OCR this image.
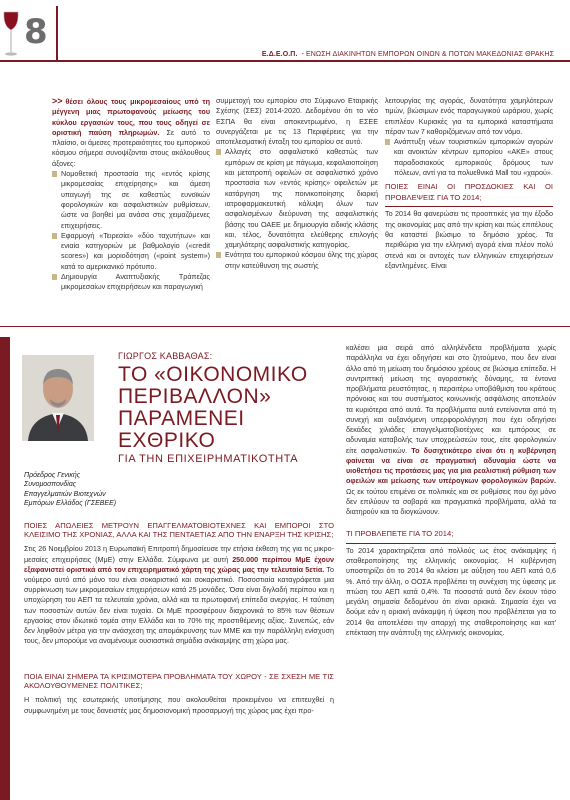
8
Ε.Δ.Ε.Ο.Π. - ΕΝΩΣΗ ΔΙΑΚΙΝΗΤΩΝ ΕΜΠΟΡΩΝ ΟΙΝΩΝ & ΠΟΤΩΝ ΜΑΚΕΔΟΝΙΑΣ ΘΡΑΚΗΣ

>> θέσει όλους τους μικρομεσαίους υπό τη μέγγενη μιας πρωτοφανούς μείωσης του κύκλου εργασιών τους, που τους οδηγεί σε οριστική παύση πληρωμών. Σε αυτό το πλαίσιο, οι άμεσες προτεραιότητες του εμπορικού κόσμου σήμερα συνοψίζονται στους ακόλουθους άξονες:

Νομοθετική προστασία της «εντός κρίσης μικρομεσαίας επιχείρησης» και άμεση υπαγωγή της σε καθεστώς ευνοϊκών φορολογικών και ασφαλιστικών ρυθμίσεων, ώστε να βοηθεί μα ανάσα στις χειμαζόμενες επιχειρήσεις.

Εφαρμογή «Τειρεσία» «δύο ταχυτήτων» και ενιαία κατηγοριών με βαθμολογίο («credit scores») και μοριοδότηση («point system») κατά το αμερικανικό πρότυπο.

Δημιουργία Αναπτυξιακής Τράπεζας μικρομεσαίων επιχειρήσεων και παραγωγική

συμμετοχή του εμπορίου στο Σύμφωνο Εταιρικής Σχέσης (ΣΕΣ) 2014-2020. Δεδομένου ότι το νέο ΕΣΠΑ θα είναι αποκεντρωμένο, η ΕΣΕΕ συνεργάζεται με τις 13 Περιφέρειες για την αποτελεσματική ένταξη του εμπορίου σε αυτό.

Αλλαγές στο ασφαλιστικό καθεστώς των εμπόρων σε κρίση με πάγωμα, κεφαλαιοποίηση και μετατροπή οφειλών σε ασφαλιστικό χρόνο προστασία των «εντός κρίσης» οφειλετών με κατάργηση της ποινικοποίησης διαρκή ιατροφαρμακευτική κάλυψη όλων των ασφαλισμένων διεύρυνση της ασφαλιστικής βάσης του ΟΑΕΕ με δημιουργία ειδικής κλάσης και, τέλος, δυνατότητα ελεύθερης επιλογής χαμηλότερης ασφαλιστικής κατηγορίας.

Ενότητα του εμπορικού κόσμου όλης της χώρας στην κατεύθυνση της σωστής

λειτουργίας της αγοράς, δυνατότητα χαμηλότερων τιμών, βιώσιμων ενός παραγωγικού ωράριου, χωρίς επιπλέον Κυριακές για τα εμπορικά καταστήματα πέραν των 7 καθοριζόμενων από τον νόμο.

Ανάπτυξη νέων τουριστικών εμπορικών αγορών και ανοικτών κέντρων εμπορίου «ΑΚΕ» στους παραδοσιακούς εμπορικούς δρόμους των πόλεων, αντί για τα πολυεθνικά Mall του «χαρού».

ΠΟΙΕΣ ΕΙΝΑΙ ΟΙ ΠΡΟΣΔΟΚΙΕΣ ΚΑΙ ΟΙ ΠΡΟΒΛΕΨΕΙΣ ΓΙΑ ΤΟ 2014;

Το 2014 θα φανερώσει τις προοπτικές για την έξοδο της οικονομίας μας από την κρίση και πώς επιτέλους θα καταστεί βιώσιμο το δημόσιο χρέος. Τα περιθώρια για την ελληνική αγορά είναι πλέον πολύ στενά και οι αντοχές των ελληνικών επιχειρήσεων εξαντλημένες. Είναι

ΓΙΩΡΓΟΣ ΚΑΒΒΑΘΑΣ:
ΤΟ «ΟΙΚΟΝΟΜΙΚΟ ΠΕΡΙΒΑΛΛΟΝ» ΠΑΡΑΜΕΝΕΙ ΕΧΘΡΙΚΟ
ΓΙΑ ΤΗΝ ΕΠΙΧΕΙΡΗΜΑΤΙΚΟΤΗΤΑ
Πρόεδρος Γενικής Συνομοσπονδίας Επαγγελματιών Βιοτεχνών Εμπόρων Ελλάδος (ΓΣΕΒΕΕ)

ΠΟΙΕΣ ΑΠΩΛΕΙΕΣ ΜΕΤΡΟΥΝ ΕΠΑΓΓΕΛΜΑΤΟΒΙΟΤΕΧΝΕΣ ΚΑΙ ΕΜΠΟΡΟΙ ΣΤΟ ΚΛΕΙΣΙΜΟ ΤΗΣ ΧΡΟΝΙΑΣ, ΑΛΛΑ ΚΑΙ ΤΗΣ ΠΕΝΤΑΕΤΙΑΣ ΑΠΟ ΤΗΝ ΕΝΑΡΞΗ ΤΗΣ ΚΡΙΣΗΣ;

Στις 26 Νοεμβρίου 2013 η Ευρωπαϊκή Επιτροπή δημοσίευσε την ετήσια έκθεση της για τις μικρο-μεσαίες επιχειρήσεις (ΜμΕ) στην Ελλάδα. Σύμφωνα με αυτή 250.000 περίπου ΜμΕ έχουν εξαφανιστεί οριστικά από τον επιχειρηματικό χάρτη της χώρας μας την τελευταία 5ετία. Το νούμερο αυτό από μόνο του είναι σοκαριστικό και σοκαριστικό. Ποσοστιαία καταγράφεται μια συρρίκνωση των μικρομεσαίων επιχειρήσεων κατά 25 μονάδες. Όσα είναι διγλαδή περίπου και η υποχώρηση του ΑΕΠ τα τελευταία χρόνια, αλλά και τα πρωτοφανή επίπεδα ανεργίας. Η ταύτιση των ποσοστών αυτών δεν είναι τυχαία. Οι ΜμΕ προσφέρουν διαχρονικά το 85% των θέσεων εργασίας στον ιδιωτικό τομέα στην Ελλάδα και το 70% της προστιθέμενης αξίας. Συνεπώς, εάν δεν ληφθούν μέτρα για την ανάσχεση της απομάκρυνσης των ΜΜΕ και την παράλληλη ενίσχυση τους, δεν μπορούμε να αναμένουμε ουσιαστικά σημάδια ανάκαμψης στη χώρα μας.

ΠΟΙΑ ΕΙΝΑΙ ΣΗΜΕΡΑ ΤΑ ΚΡΙΣΙΜΟΤΕΡΑ ΠΡΟΒΛΗΜΑΤΑ ΤΟΥ ΧΩΡΟΥ - ΣΕ ΣΧΕΣΗ ΜΕ ΤΙΣ ΑΚΟΛΟΥΘΟΥΜΕΝΕΣ ΠΟΛΙΤΙΚΕΣ;

Η πολιτική της εσωτερικής υποτίμησης που ακολουθείται προκειμένου να επιτευχθεί η συμφωνημένη με τους δανειστές μας δημοσιονομική προσαρμογή της χώρας μας έχει προ-

καλέσει μια σειρά από αλληλένδετα προβλήματα χωρίς παράλληλα να έχει οδηγήσει και στο ζητούμενο, που δεν είναι άλλο από τη μείωση του δημόσιου χρέους σε βιώσιμα επίπεδα. Η συντριπτική μείωση της αγοραστικής δύναμης, τα έντονα προβλήματα ρευστότητας, η περαιτέρω υποβάθμιση του κράτους πρόνοιας και του συστήματος κοινωνικής ασφάλισης αποτελούν τα κυριότερα από αυτά. Τα προβλήματα αυτά εντείνονται από τη συνεχή και αυξανόμενη υπερφορολόγηση που έχει οδηγήσει δεκάδες χιλιάδες επαγγελματοβιοτέχνες και εμπόρους σε αδυναμία καταβολής των υποχρεώσεών τους, είτε φορολογικών είτε ασφαλιστικών. Το δυσιχτικότερο είναι ότι η κυβέρνηση φαίνεται να είναι σε πραγματική αδυναμία ώστε να υιοθετήσει τις προτάσεις μας για μια ρεαλιστική ρύθμιση των οφειλών και μείωσης των υπέρογκων φορολογικών βαρών. Ως εκ τούτου επιμένει σε πολιτικές και σε ρυθμίσεις που όχι μόνο δεν επιλύουν τα σοβαρά και πραγματικά προβλήματα, αλλά τα διατηρούν και τα διογκώνουν.

ΤΙ ΠΡΟΒΛΕΠΕΤΕ ΓΙΑ ΤΟ 2014;

Το 2014 χαρακτηρίζεται από πολλούς ως έτος ανάκαμψης ή σταθεροποίησης της ελληνικής οικονομίας. Η κυβέρνηση υποστηρίζει ότι το 2014 θα κλείσει με αύξηση του ΑΕΠ κατά 0,6 %. Από την άλλη, ο ΟΟΣΑ προβλέπει τη συνέχιση της ύφεσης με πτώση του ΑΕΠ κατά 0,4%. Τα ποσοστά αυτά δεν έκουν τόσο μεγάλη σημασία δεδομένου ότι είναι οριακά. Σημασία έχει να δούμε εάν η οριακή ανάκαμψη ή ύφεση που προβλέπεται για το 2014 θα αποτελέσει την απαρχή της σταθεροποίησης και κατ' επέκταση την ανάπτυξη της ελληνικής οικονομίας.
